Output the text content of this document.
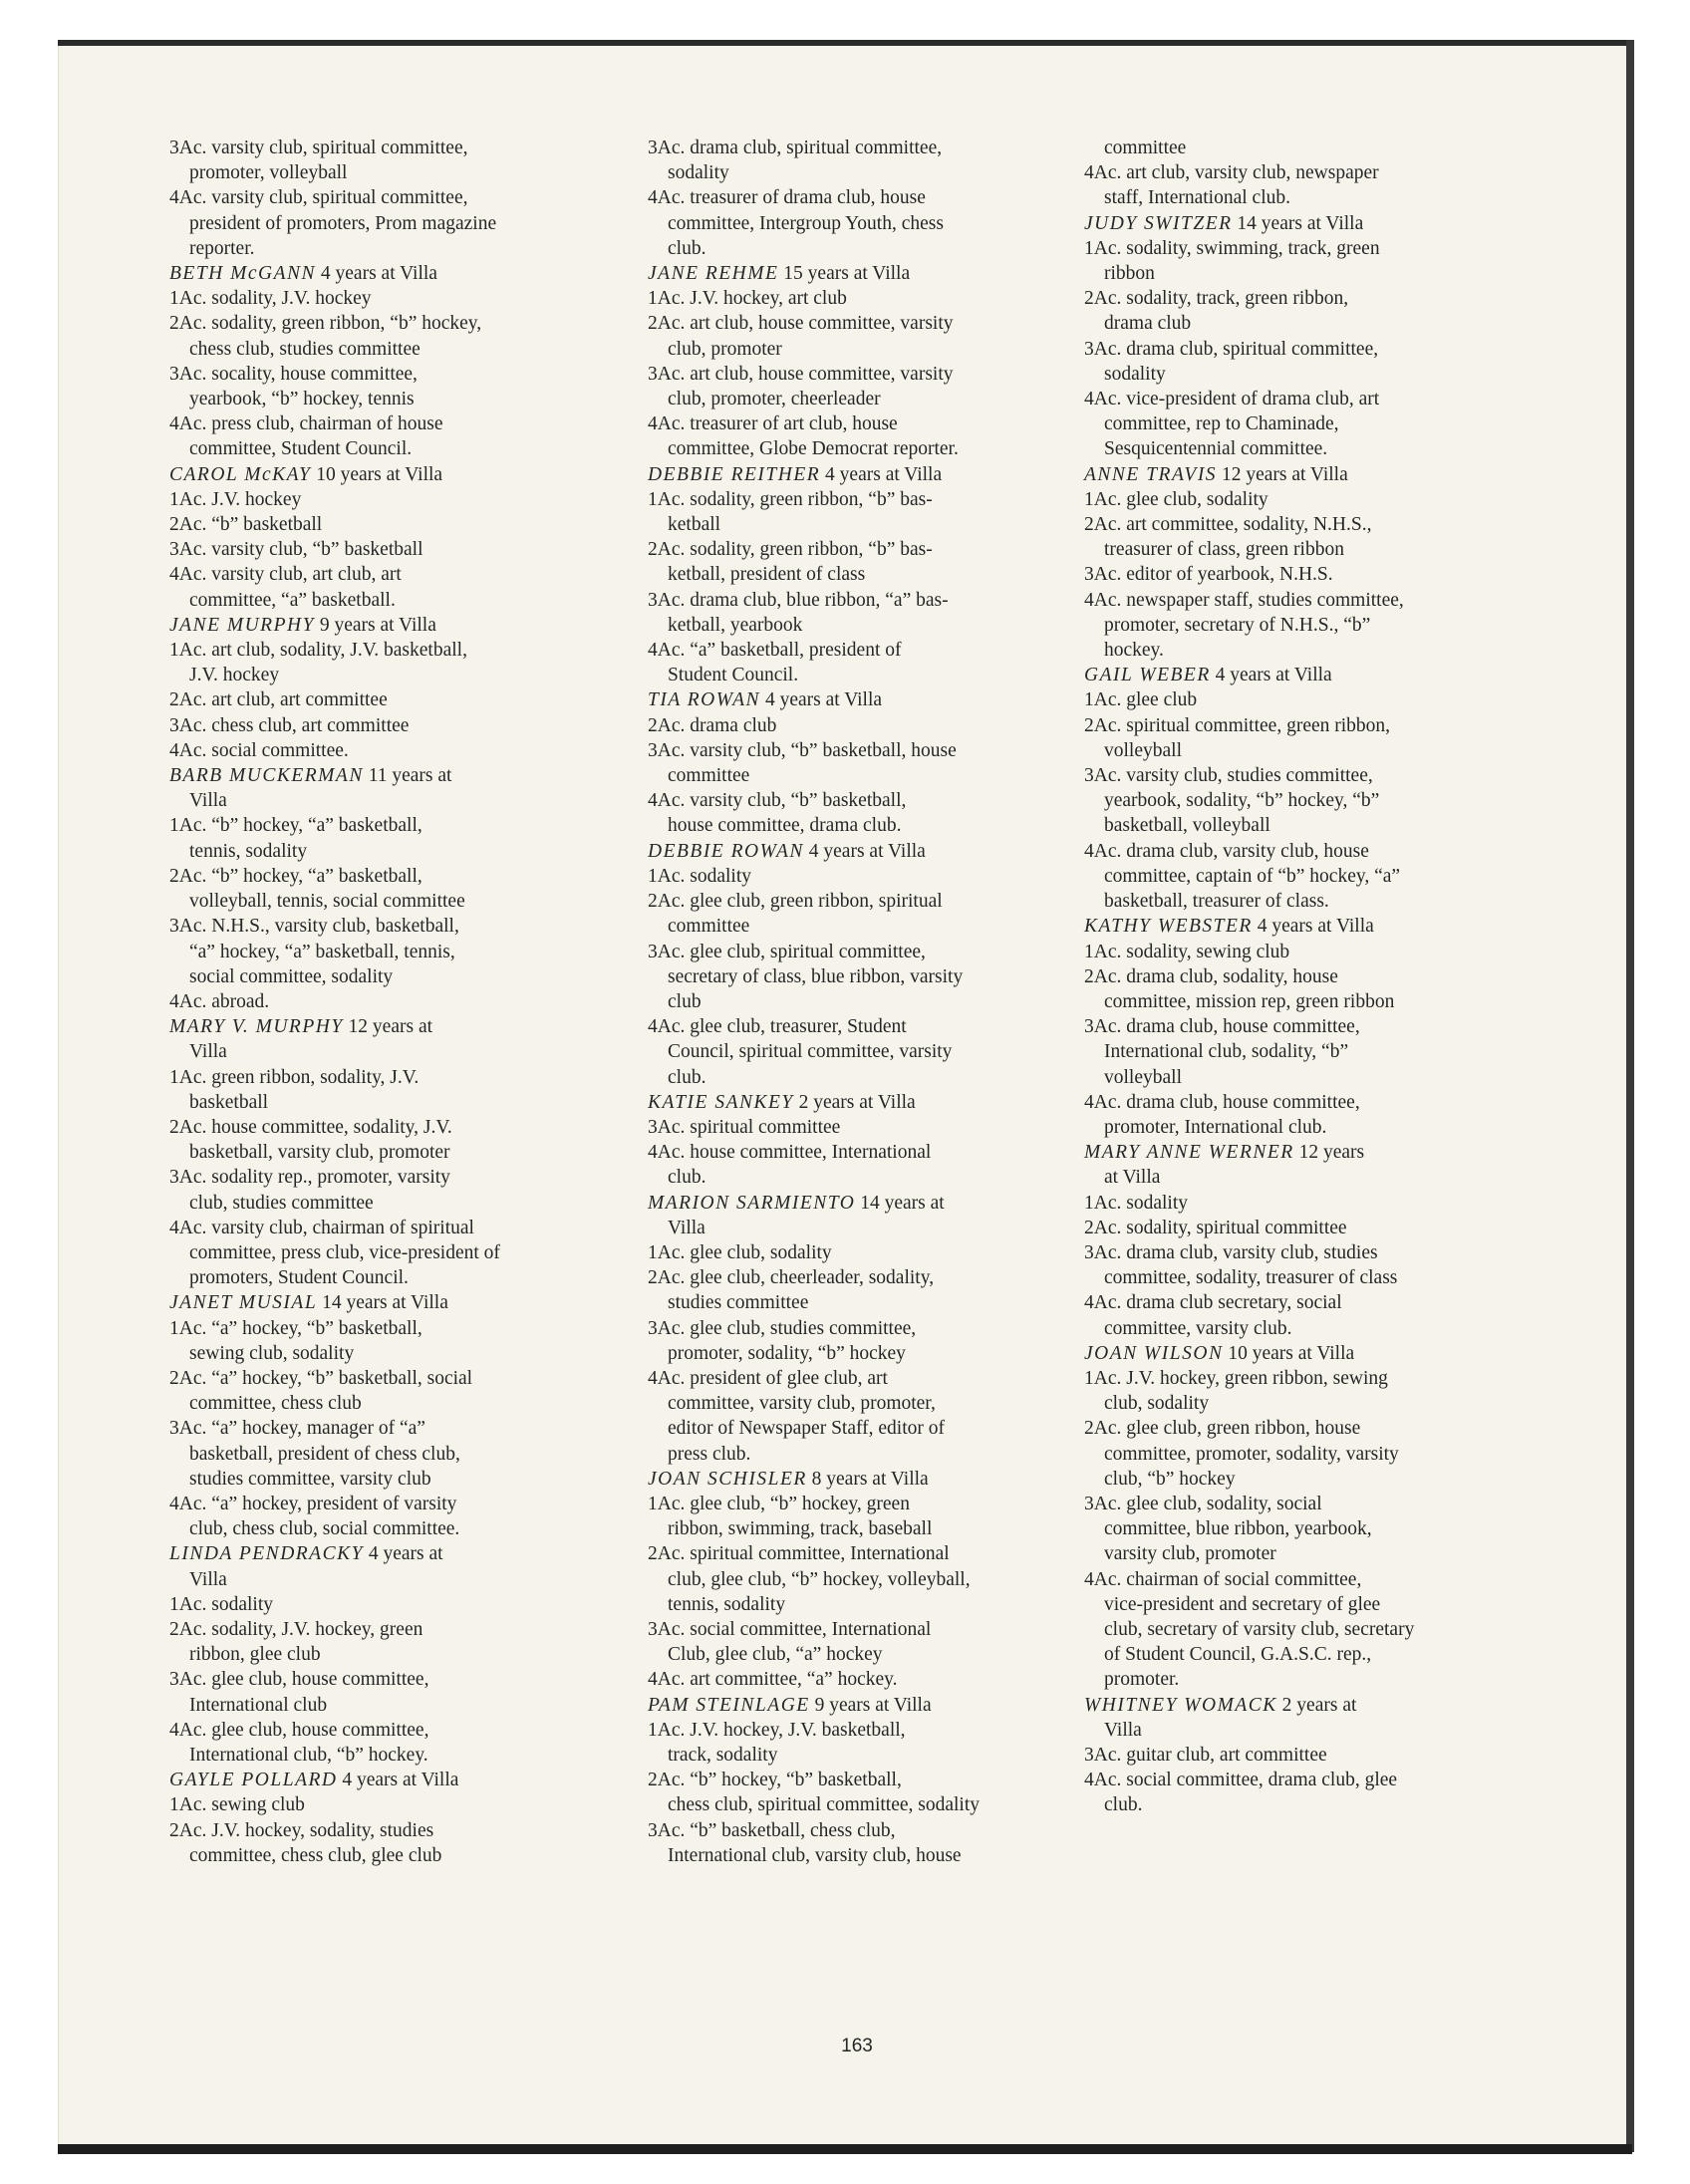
3Ac. varsity club, spiritual committee,
promoter, volleyball
4Ac. varsity club, spiritual committee,
president of promoters, Prom magazine
reporter.
BETH McGANN 4 years at Villa
1Ac. sodality, J.V. hockey
2Ac. sodality, green ribbon, “b” hockey,
chess club, studies committee
3Ac. socality, house committee,
yearbook, “b” hockey, tennis
4Ac. press club, chairman of house
committee, Student Council.
CAROL McKAY 10 years at Villa
1Ac. J.V. hockey
2Ac. “b” basketball
3Ac. varsity club, “b” basketball
4Ac. varsity club, art club, art
committee, “a” basketball.
JANE MURPHY 9 years at Villa
1Ac. art club, sodality, J.V. basketball,
J.V. hockey
2Ac. art club, art committee
3Ac. chess club, art committee
4Ac. social committee.
BARB MUCKERMAN 11 years at
Villa
1Ac. “b” hockey, “a” basketball,
tennis, sodality
2Ac. “b” hockey, “a” basketball,
volleyball, tennis, social committee
3Ac. N.H.S., varsity club, basketball,
“a” hockey, “a” basketball, tennis,
social committee, sodality
4Ac. abroad.
MARY V. MURPHY 12 years at
Villa
1Ac. green ribbon, sodality, J.V.
basketball
2Ac. house committee, sodality, J.V.
basketball, varsity club, promoter
3Ac. sodality rep., promoter, varsity
club, studies committee
4Ac. varsity club, chairman of spiritual
committee, press club, vice-president of
promoters, Student Council.
JANET MUSIAL 14 years at Villa
1Ac. “a” hockey, “b” basketball,
sewing club, sodality
2Ac. “a” hockey, “b” basketball, social
committee, chess club
3Ac. “a” hockey, manager of “a”
basketball, president of chess club,
studies committee, varsity club
4Ac. “a” hockey, president of varsity
club, chess club, social committee.
LINDA PENDRACKY 4 years at
Villa
1Ac. sodality
2Ac. sodality, J.V. hockey, green
ribbon, glee club
3Ac. glee club, house committee,
International club
4Ac. glee club, house committee,
International club, “b” hockey.
GAYLE POLLARD 4 years at Villa
1Ac. sewing club
2Ac. J.V. hockey, sodality, studies
committee, chess club, glee club
3Ac. drama club, spiritual committee,
sodality
4Ac. treasurer of drama club, house
committee, Intergroup Youth, chess
club.
JANE REHME 15 years at Villa
1Ac. J.V. hockey, art club
2Ac. art club, house committee, varsity
club, promoter
3Ac. art club, house committee, varsity
club, promoter, cheerleader
4Ac. treasurer of art club, house
committee, Globe Democrat reporter.
DEBBIE REITHER 4 years at Villa
1Ac. sodality, green ribbon, “b” bas-
ketball
2Ac. sodality, green ribbon, “b” bas-
ketball, president of class
3Ac. drama club, blue ribbon, “a” bas-
ketball, yearbook
4Ac. “a” basketball, president of
Student Council.
TIA ROWAN 4 years at Villa
2Ac. drama club
3Ac. varsity club, “b” basketball, house
committee
4Ac. varsity club, “b” basketball,
house committee, drama club.
DEBBIE ROWAN 4 years at Villa
1Ac. sodality
2Ac. glee club, green ribbon, spiritual
committee
3Ac. glee club, spiritual committee,
secretary of class, blue ribbon, varsity
club
4Ac. glee club, treasurer, Student
Council, spiritual committee, varsity
club.
KATIE SANKEY 2 years at Villa
3Ac. spiritual committee
4Ac. house committee, International
club.
MARION SARMIENTO 14 years at
Villa
1Ac. glee club, sodality
2Ac. glee club, cheerleader, sodality,
studies committee
3Ac. glee club, studies committee,
promoter, sodality, “b” hockey
4Ac. president of glee club, art
committee, varsity club, promoter,
editor of Newspaper Staff, editor of
press club.
JOAN SCHISLER 8 years at Villa
1Ac. glee club, “b” hockey, green
ribbon, swimming, track, baseball
2Ac. spiritual committee, International
club, glee club, “b” hockey, volleyball,
tennis, sodality
3Ac. social committee, International
Club, glee club, “a” hockey
4Ac. art committee, “a” hockey.
PAM STEINLAGE 9 years at Villa
1Ac. J.V. hockey, J.V. basketball,
track, sodality
2Ac. “b” hockey, “b” basketball,
chess club, spiritual committee, sodality
3Ac. “b” basketball, chess club,
International club, varsity club, house
committee
4Ac. art club, varsity club, newspaper
staff, International club.
JUDY SWITZER 14 years at Villa
1Ac. sodality, swimming, track, green
ribbon
2Ac. sodality, track, green ribbon,
drama club
3Ac. drama club, spiritual committee,
sodality
4Ac. vice-president of drama club, art
committee, rep to Chaminade,
Sesquicentennial committee.
ANNE TRAVIS 12 years at Villa
1Ac. glee club, sodality
2Ac. art committee, sodality, N.H.S.,
treasurer of class, green ribbon
3Ac. editor of yearbook, N.H.S.
4Ac. newspaper staff, studies committee,
promoter, secretary of N.H.S., “b”
hockey.
GAIL WEBER 4 years at Villa
1Ac. glee club
2Ac. spiritual committee, green ribbon,
volleyball
3Ac. varsity club, studies committee,
yearbook, sodality, “b” hockey, “b”
basketball, volleyball
4Ac. drama club, varsity club, house
committee, captain of “b” hockey, “a”
basketball, treasurer of class.
KATHY WEBSTER 4 years at Villa
1Ac. sodality, sewing club
2Ac. drama club, sodality, house
committee, mission rep, green ribbon
3Ac. drama club, house committee,
International club, sodality, “b”
volleyball
4Ac. drama club, house committee,
promoter, International club.
MARY ANNE WERNER 12 years
at Villa
1Ac. sodality
2Ac. sodality, spiritual committee
3Ac. drama club, varsity club, studies
committee, sodality, treasurer of class
4Ac. drama club secretary, social
committee, varsity club.
JOAN WILSON 10 years at Villa
1Ac. J.V. hockey, green ribbon, sewing
club, sodality
2Ac. glee club, green ribbon, house
committee, promoter, sodality, varsity
club, “b” hockey
3Ac. glee club, sodality, social
committee, blue ribbon, yearbook,
varsity club, promoter
4Ac. chairman of social committee,
vice-president and secretary of glee
club, secretary of varsity club, secretary
of Student Council, G.A.S.C. rep.,
promoter.
WHITNEY WOMACK 2 years at
Villa
3Ac. guitar club, art committee
4Ac. social committee, drama club, glee
club.
163
